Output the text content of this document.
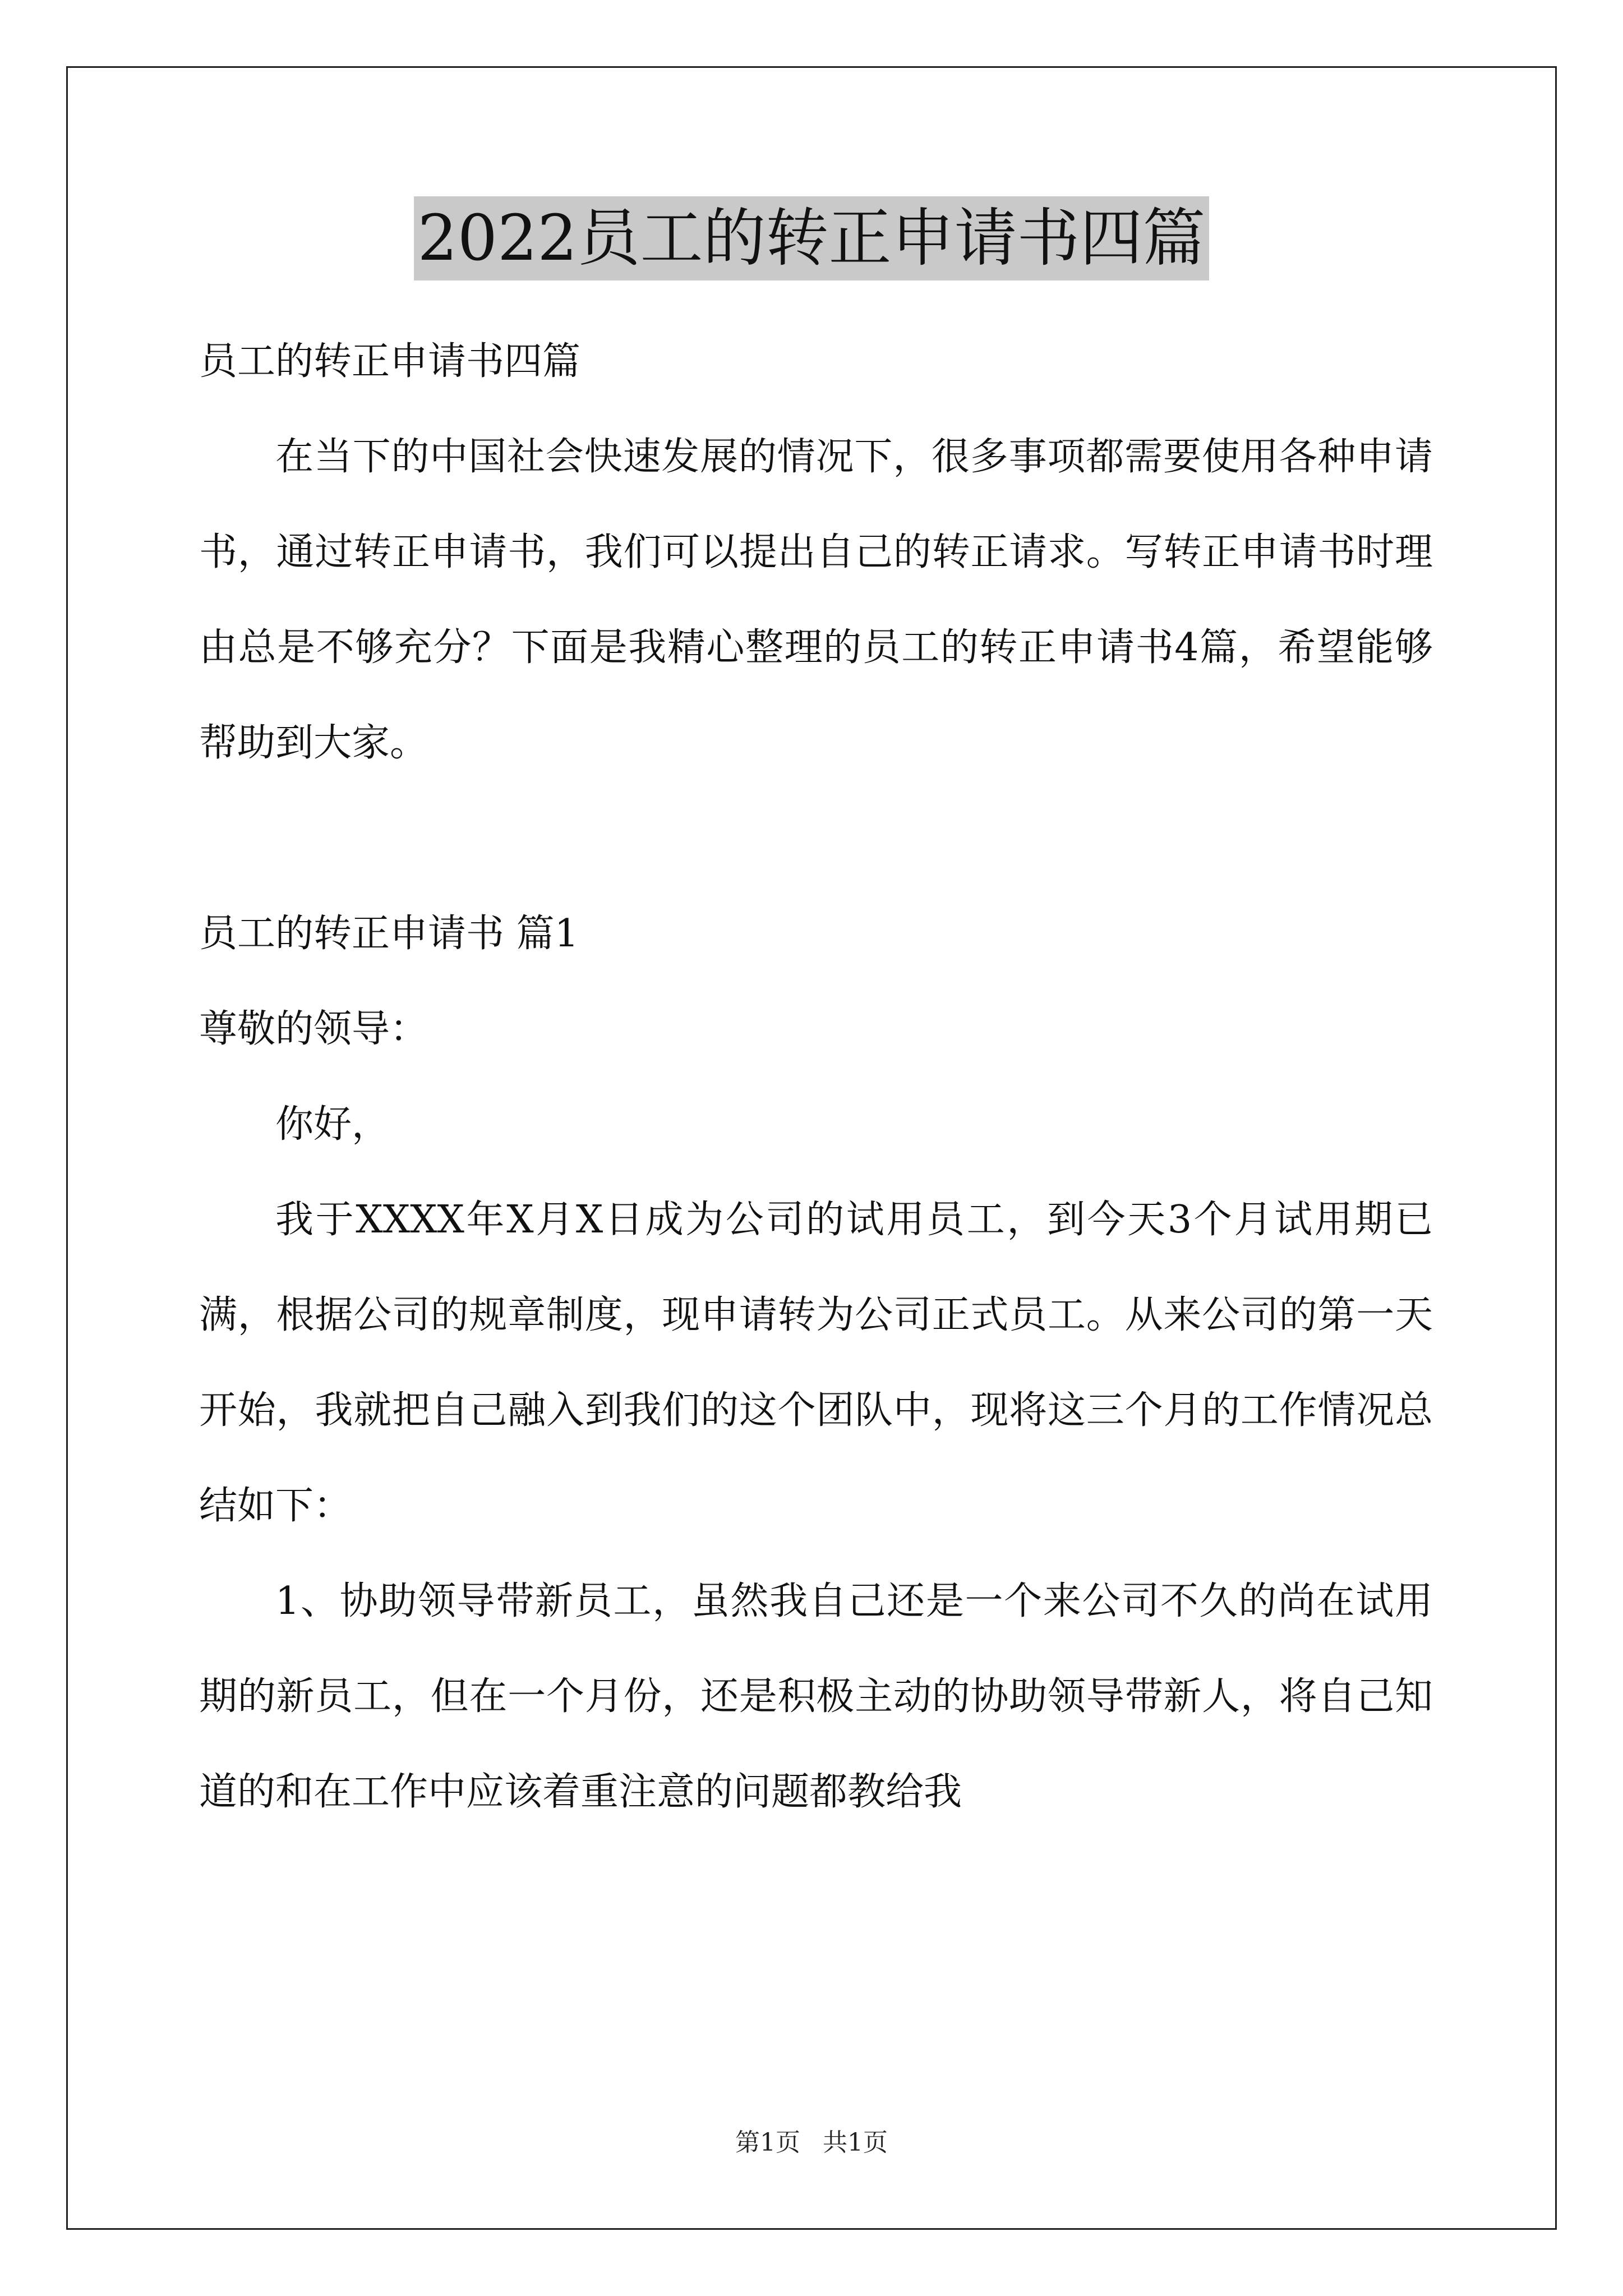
2022员工的转正申请书四篇

员工的转正申请书四篇

在当下的中国社会快速发展的情况下，很多事项都需要使用各种申请书，通过转正申请书，我们可以提出自己的转正请求。写转正申请书时理由总是不够充分？下面是我精心整理的员工的转正申请书4篇，希望能够帮助到大家。

员工的转正申请书 篇1

尊敬的领导：

你好，

我于XXXX年X月X日成为公司的试用员工，到今天3个月试用期已满，根据公司的规章制度，现申请转为公司正式员工。从来公司的第一天开始，我就把自己融入到我们的这个团队中，现将这三个月的工作情况总结如下：

1、协助领导带新员工，虽然我自己还是一个来公司不久的尚在试用期的新员工，但在一个月份，还是积极主动的协助领导带新人，将自己知道的和在工作中应该着重注意的问题都教给我

第1页 共1页
